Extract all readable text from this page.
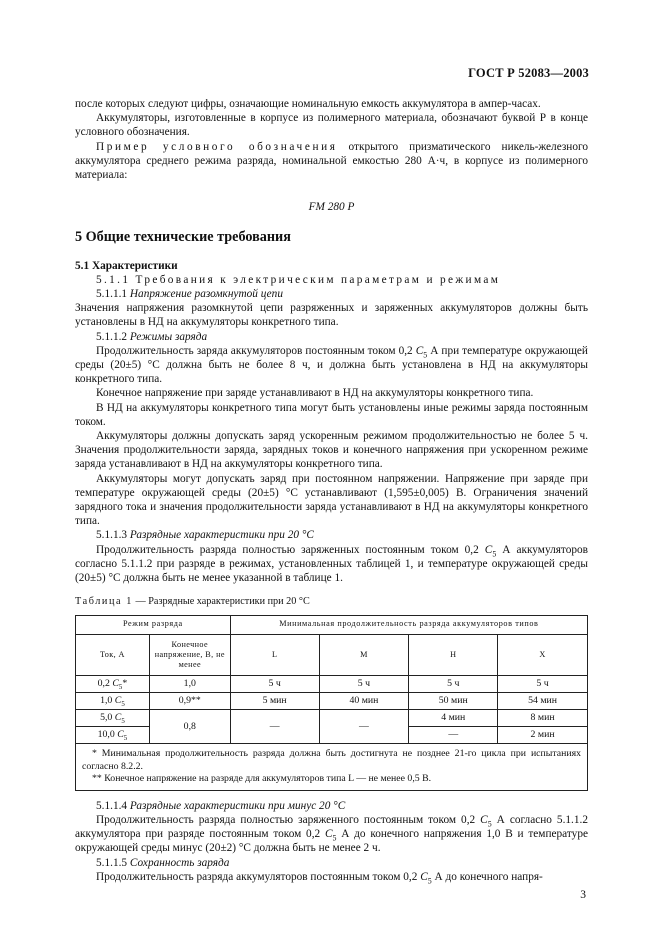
ГОСТ Р 52083—2003

после которых следуют цифры, означающие номинальную емкость аккумулятора в ампер-часах.

Аккумуляторы, изготовленные в корпусе из полимерного материала, обозначают буквой Р в конце условного обозначения.

Пример условного обозначения открытого призматического никель-железного аккумулятора среднего режима разряда, номинальной емкостью 280 А·ч, в корпусе из полимерного материала:

FM 280 P

5 Общие технические требования

5.1 Характеристики

5.1.1 Требования к электрическим параметрам и режимам

5.1.1.1 Напряжение разомкнутой цепи

Значения напряжения разомкнутой цепи разряженных и заряженных аккумуляторов должны быть установлены в НД на аккумуляторы конкретного типа.

5.1.1.2 Режимы заряда

Продолжительность заряда аккумуляторов постоянным током 0,2 $C_5$ А при температуре окружающей среды (20±5) °С должна быть не более 8 ч, и должна быть установлена в НД на аккумуляторы конкретного типа.

Конечное напряжение при заряде устанавливают в НД на аккумуляторы конкретного типа.

В НД на аккумуляторы конкретного типа могут быть установлены иные режимы заряда постоянным током.

Аккумуляторы должны допускать заряд ускоренным режимом продолжительностью не более 5 ч. Значения продолжительности заряда, зарядных токов и конечного напряжения при ускоренном режиме заряда устанавливают в НД на аккумуляторы конкретного типа.

Аккумуляторы могут допускать заряд при постоянном напряжении. Напряжение при заряде при температуре окружающей среды (20±5) °С устанавливают (1,595±0,005) В. Ограничения значений зарядного тока и значения продолжительности заряда устанавливают в НД на аккумуляторы конкретного типа.

5.1.1.3 Разрядные характеристики при 20 °С

Продолжительность разряда полностью заряженных постоянным током 0,2 $C_5$ А аккумуляторов согласно 5.1.1.2 при разряде в режимах, установленных таблицей 1, и температуре окружающей среды (20±5) °С должна быть не менее указанной в таблице 1.

Таблица 1 — Разрядные характеристики при 20 °С

Режим разряда		Минимальная продолжительность разряда аккумуляторов типов			
Ток, А	Конечное напряжение, В, не менее	L	M	H	X
0,2 $C_5*$	1,0	5 ч	5 ч	5 ч	5 ч
1,0 $C_5$	0,9**	5 мин	40 мин	50 мин	54 мин
5,0 $C_5$	0,8	—	—	4 мин	8 мин
10,0 $C_5$				—	2 мин

* Минимальная продолжительность разряда должна быть достигнута не позднее 21-го цикла при испытаниях согласно 8.2.2.
** Конечное напряжение на разряде для аккумуляторов типа L — не менее 0,5 В.					

5.1.1.4 Разрядные характеристики при минус 20 °С

Продолжительность разряда полностью заряженного постоянным током 0,2 $C_5$ А согласно 5.1.1.2 аккумулятора при разряде постоянным током 0,2 $C_5$ А до конечного напряжения 1,0 В и температуре окружающей среды минус (20±2) °С должна быть не менее 2 ч.

5.1.1.5 Сохранность заряда

Продолжительность разряда аккумуляторов постоянным током 0,2 $C_5$ А до конечного напря-

3
